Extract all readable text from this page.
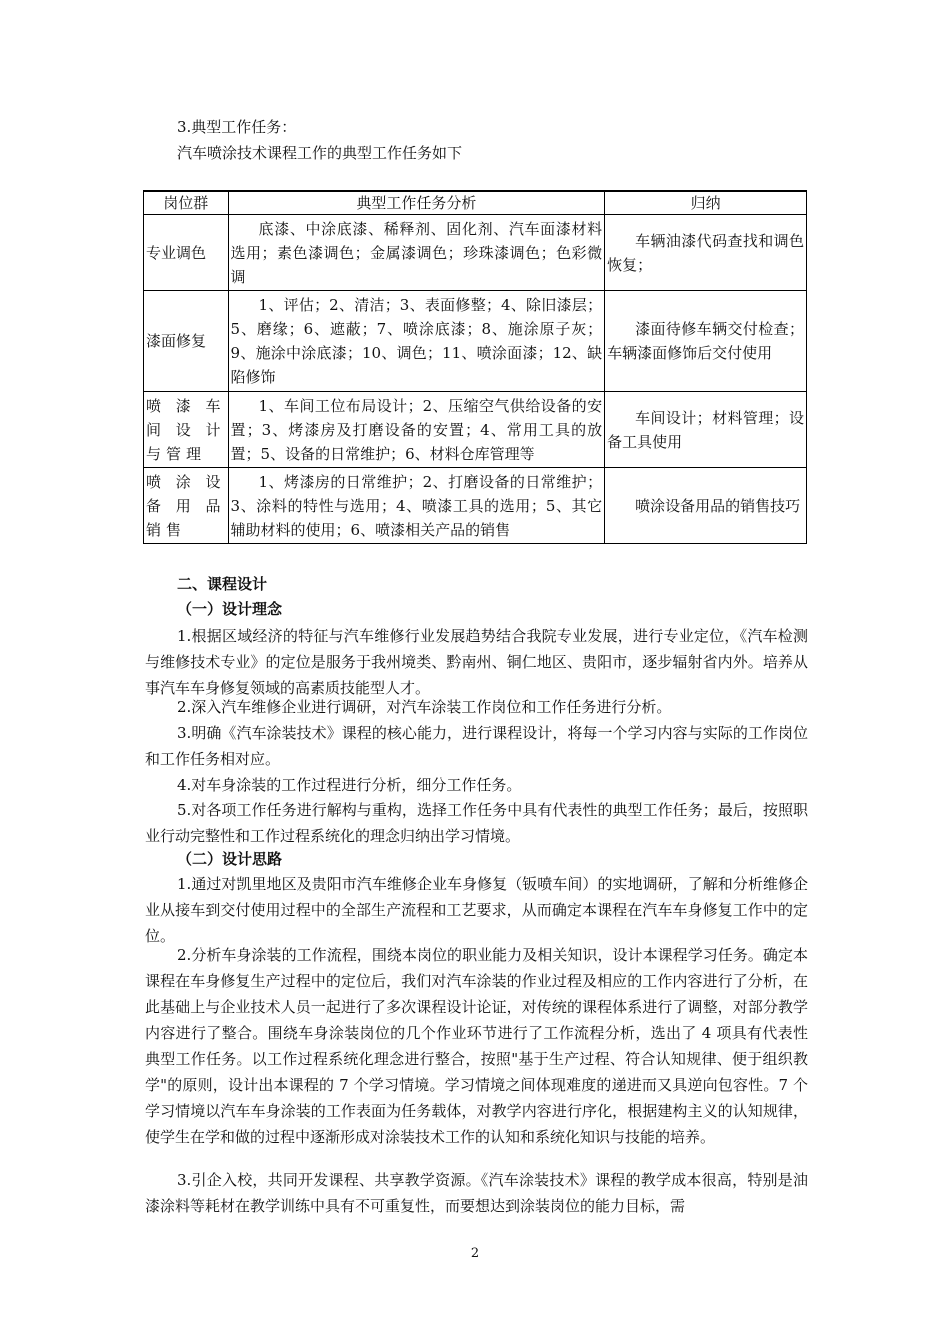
3.典型工作任务：
汽车喷涂技术课程工作的典型工作任务如下
岗位群	典型工作任务分析	归纳
专业调色	底漆、中涂底漆、稀释剂、固化剂、汽车面漆材料选用；素色漆调色；金属漆调色；珍珠漆调色；色彩微调	车辆油漆代码查找和调色恢复；
漆面修复	1、评估；2、清洁；3、表面修整；4、除旧漆层；5、磨缘；6、遮蔽；7、喷涂底漆；8、施涂原子灰；9、施涂中涂底漆；10、调色；11、喷涂面漆；12、缺陷修饰	漆面待修车辆交付检查；车辆漆面修饰后交付使用
喷漆车间设计与管理	1、车间工位布局设计；2、压缩空气供给设备的安置；3、烤漆房及打磨设备的安置；4、常用工具的放置；5、设备的日常维护；6、材料仓库管理等	车间设计；材料管理；设备工具使用
喷涂设备用品销售	1、烤漆房的日常维护；2、打磨设备的日常维护；3、涂料的特性与选用；4、喷漆工具的选用；5、其它辅助材料的使用；6、喷漆相关产品的销售	喷涂设备用品的销售技巧
二、课程设计
（一）设计理念
1.根据区域经济的特征与汽车维修行业发展趋势结合我院专业发展，进行专业定位，《汽车检测与维修技术专业》的定位是服务于我州境类、黔南州、铜仁地区、贵阳市，逐步辐射省内外。培养从事汽车车身修复领域的高素质技能型人才。
2.深入汽车维修企业进行调研，对汽车涂装工作岗位和工作任务进行分析。
3.明确《汽车涂装技术》课程的核心能力，进行课程设计，将每一个学习内容与实际的工作岗位和工作任务相对应。
4.对车身涂装的工作过程进行分析，细分工作任务。
5.对各项工作任务进行解构与重构，选择工作任务中具有代表性的典型工作任务；最后，按照职业行动完整性和工作过程系统化的理念归纳出学习情境。
（二）设计思路
1.通过对凯里地区及贵阳市汽车维修企业车身修复（钣喷车间）的实地调研，了解和分析维修企业从接车到交付使用过程中的全部生产流程和工艺要求，从而确定本课程在汽车车身修复工作中的定位。
2.分析车身涂装的工作流程，围绕本岗位的职业能力及相关知识，设计本课程学习任务。确定本课程在车身修复生产过程中的定位后，我们对汽车涂装的作业过程及相应的工作内容进行了分析，在此基础上与企业技术人员一起进行了多次课程设计论证，对传统的课程体系进行了调整，对部分教学内容进行了整合。围绕车身涂装岗位的几个作业环节进行了工作流程分析，选出了 4 项具有代表性典型工作任务。以工作过程系统化理念进行整合，按照"基于生产过程、符合认知规律、便于组织教学"的原则，设计出本课程的 7 个学习情境。学习情境之间体现难度的递进而又具逆向包容性。7 个学习情境以汽车车身涂装的工作表面为任务载体，对教学内容进行序化，根据建构主义的认知规律，使学生在学和做的过程中逐渐形成对涂装技术工作的认知和系统化知识与技能的培养。
3.引企入校，共同开发课程、共享教学资源。《汽车涂装技术》课程的教学成本很高，特别是油漆涂料等耗材在教学训练中具有不可重复性，而要想达到涂装岗位的能力目标，需
2
